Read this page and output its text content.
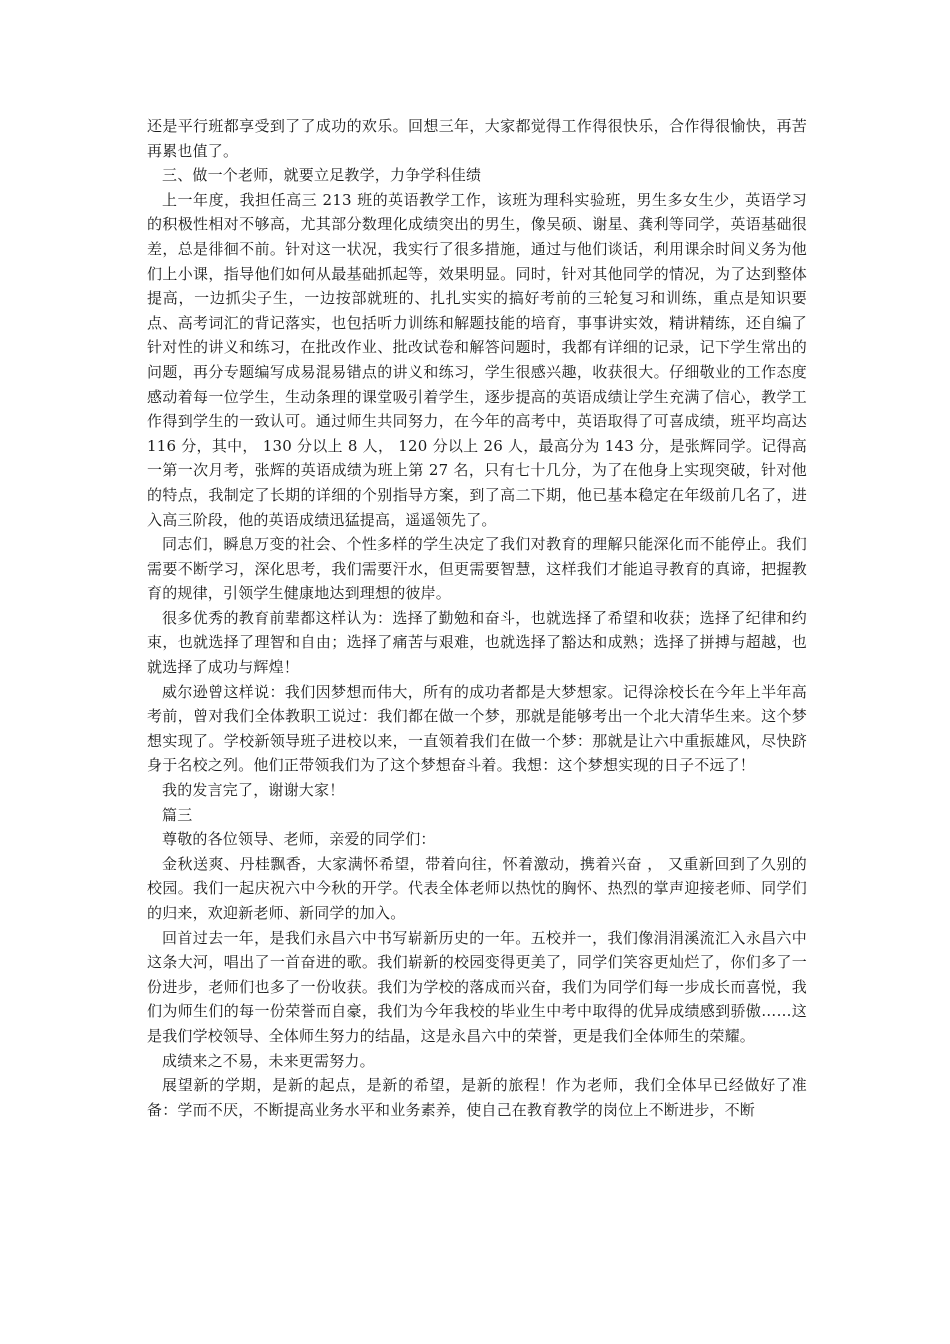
还是平行班都享受到了了成功的欢乐。回想三年，大家都觉得工作得很快乐，合作得很愉快，再苦再累也值了。

三、做一个老师，就要立足教学，力争学科佳绩

上一年度，我担任高三 213 班的英语教学工作，该班为理科实验班，男生多女生少，英语学习的积极性相对不够高，尤其部分数理化成绩突出的男生，像吴硕、谢星、龚利等同学，英语基础很差，总是徘徊不前。针对这一状况，我实行了很多措施，通过与他们谈话，利用课余时间义务为他们上小课，指导他们如何从最基础抓起等，效果明显。同时，针对其他同学的情况，为了达到整体提高，一边抓尖子生，一边按部就班的、扎扎实实的搞好考前的三轮复习和训练，重点是知识要点、高考词汇的背记落实，也包括听力训练和解题技能的培育，事事讲实效，精讲精练，还自编了针对性的讲义和练习，在批改作业、批改试卷和解答问题时，我都有详细的记录，记下学生常出的问题，再分专题编写成易混易错点的讲义和练习，学生很感兴趣，收获很大。仔细敬业的工作态度感动着每一位学生，生动条理的课堂吸引着学生，逐步提高的英语成绩让学生充满了信心，教学工作得到学生的一致认可。通过师生共同努力，在今年的高考中，英语取得了可喜成绩，班平均高达 116 分，其中， 130 分以上 8 人， 120 分以上 26 人，最高分为 143 分，是张辉同学。记得高一第一次月考，张辉的英语成绩为班上第 27 名，只有七十几分，为了在他身上实现突破，针对他的特点，我制定了长期的详细的个别指导方案，到了高二下期，他已基本稳定在年级前几名了，进入高三阶段，他的英语成绩迅猛提高，遥遥领先了。

同志们，瞬息万变的社会、个性多样的学生决定了我们对教育的理解只能深化而不能停止。我们需要不断学习，深化思考，我们需要汗水，但更需要智慧，这样我们才能追寻教育的真谛，把握教育的规律，引领学生健康地达到理想的彼岸。

很多优秀的教育前辈都这样认为：选择了勤勉和奋斗，也就选择了希望和收获；选择了纪律和约束，也就选择了理智和自由；选择了痛苦与艰难，也就选择了豁达和成熟；选择了拼搏与超越，也就选择了成功与辉煌！

威尔逊曾这样说：我们因梦想而伟大，所有的成功者都是大梦想家。记得涂校长在今年上半年高考前，曾对我们全体教职工说过：我们都在做一个梦，那就是能够考出一个北大清华生来。这个梦想实现了。学校新领导班子进校以来，一直领着我们在做一个梦：那就是让六中重振雄风，尽快跻身于名校之列。他们正带领我们为了这个梦想奋斗着。我想：这个梦想实现的日子不远了！

我的发言完了，谢谢大家！

篇三

尊敬的各位领导、老师，亲爱的同学们：

金秋送爽、丹桂飘香，大家满怀希望，带着向往，怀着激动，携着兴奋 ， 又重新回到了久别的校园。我们一起庆祝六中今秋的开学。代表全体老师以热忱的胸怀、热烈的掌声迎接老师、同学们的归来，欢迎新老师、新同学的加入。

回首过去一年，是我们永昌六中书写崭新历史的一年。五校并一，我们像涓涓溪流汇入永昌六中这条大河，唱出了一首奋进的歌。我们崭新的校园变得更美了，同学们笑容更灿烂了，你们多了一份进步，老师们也多了一份收获。我们为学校的落成而兴奋，我们为同学们每一步成长而喜悦，我们为师生们的每一份荣誉而自豪，我们为今年我校的毕业生中考中取得的优异成绩感到骄傲……这是我们学校领导、全体师生努力的结晶，这是永昌六中的荣誉，更是我们全体师生的荣耀。

成绩来之不易，未来更需努力。

展望新的学期，是新的起点，是新的希望，是新的旅程！作为老师，我们全体早已经做好了准备：学而不厌，不断提高业务水平和业务素养，使自己在教育教学的岗位上不断进步，不断
